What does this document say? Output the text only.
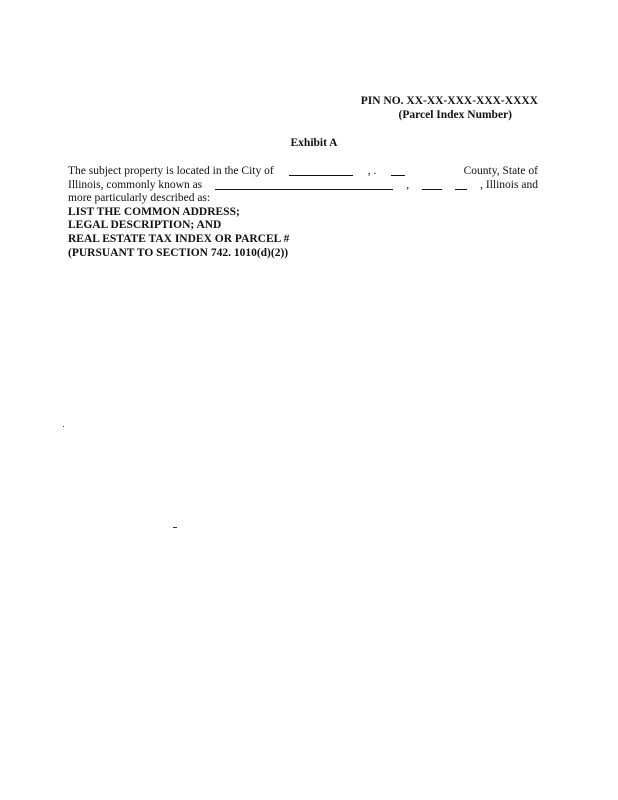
PIN NO. XX-XX-XXX-XXX-XXXX
(Parcel Index Number)
Exhibit A
The subject property is located in the City of	, .	County, State of
Illinois, commonly known as	,	, Illinois and
more particularly described as:
LIST THE COMMON ADDRESS;
LEGAL DESCRIPTION; AND
REAL ESTATE TAX INDEX OR PARCEL #
(PURSUANT TO SECTION 742. 1010(d)(2))
